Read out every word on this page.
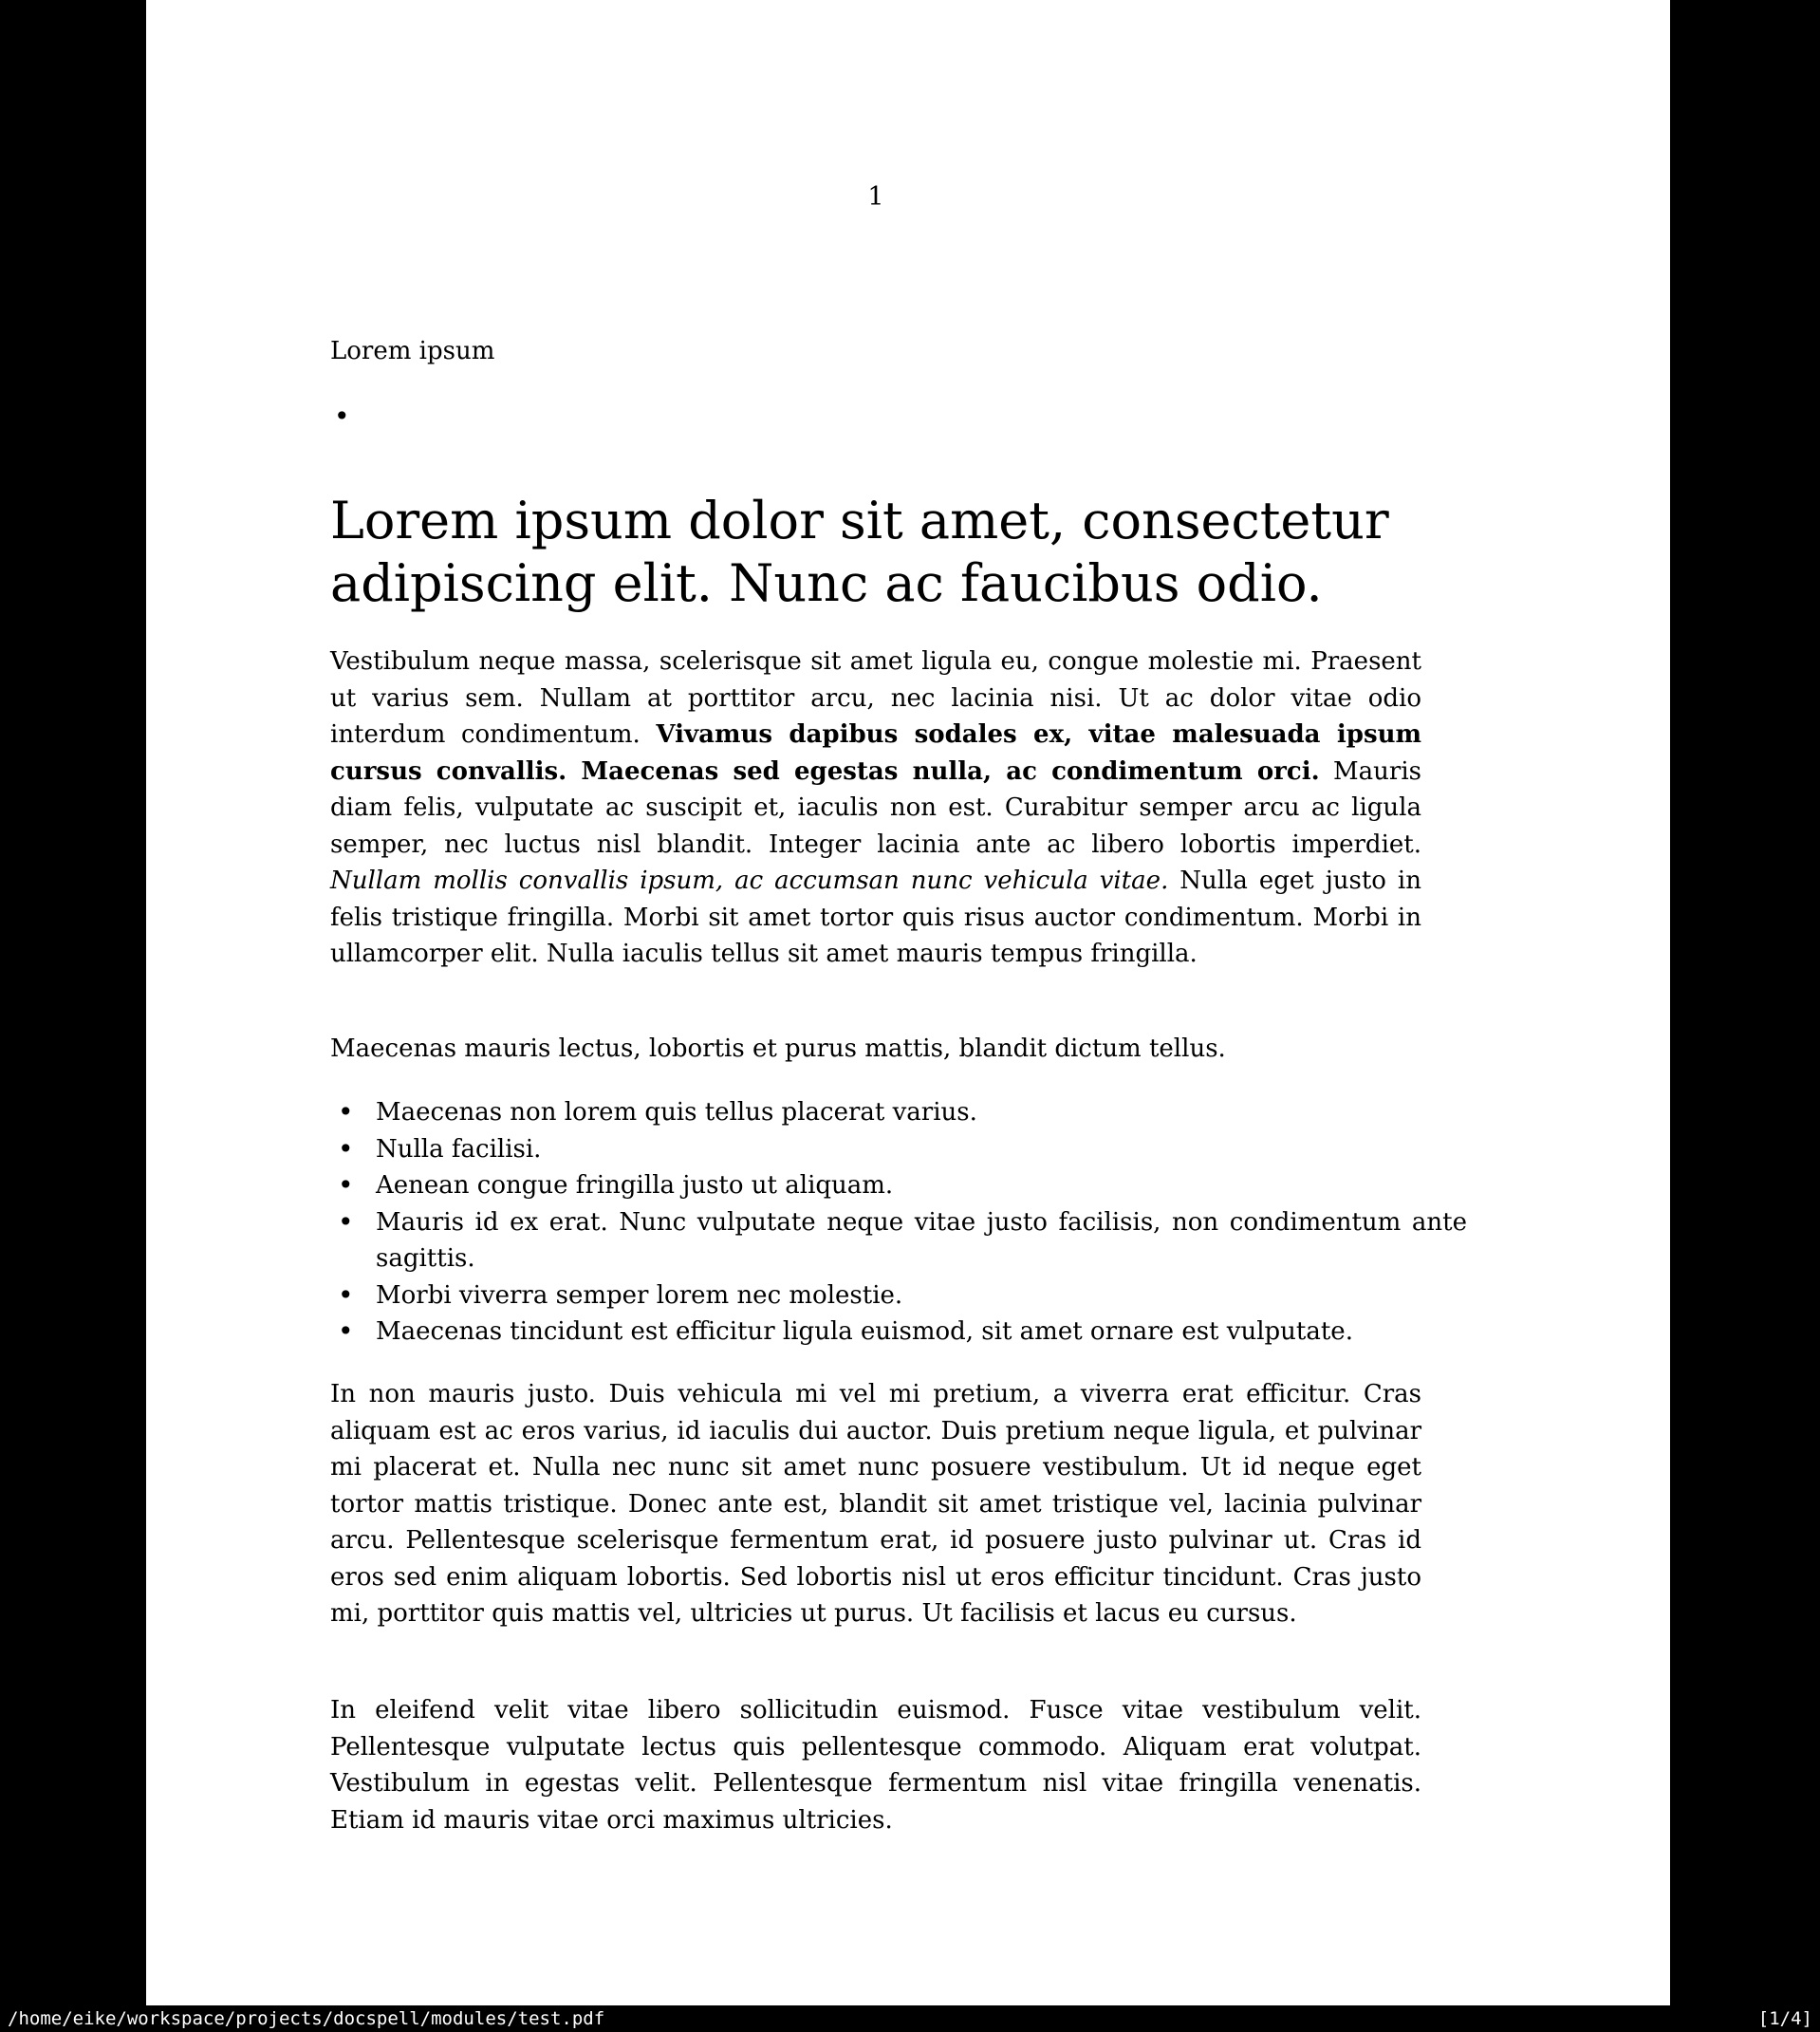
1
Lorem ipsum
•
Lorem ipsum dolor sit amet, consectetur adipiscing elit. Nunc ac faucibus odio.
Vestibulum neque massa, scelerisque sit amet ligula eu, congue molestie mi. Praesent ut varius sem. Nullam at porttitor arcu, nec lacinia nisi. Ut ac dolor vitae odio interdum condimentum. Vivamus dapibus sodales ex, vitae malesuada ipsum cursus convallis. Maecenas sed egestas nulla, ac condimentum orci. Mauris diam felis, vulputate ac suscipit et, iaculis non est. Curabitur semper arcu ac ligula semper, nec luctus nisl blandit. Integer lacinia ante ac libero lobortis imperdiet. Nullam mollis convallis ipsum, ac accumsan nunc vehicula vitae. Nulla eget justo in felis tristique fringilla. Morbi sit amet tortor quis risus auctor condimentum. Morbi in ullamcorper elit. Nulla iaculis tellus sit amet mauris tempus fringilla.
Maecenas mauris lectus, lobortis et purus mattis, blandit dictum tellus.
• Maecenas non lorem quis tellus placerat varius.
• Nulla facilisi.
• Aenean congue fringilla justo ut aliquam.
• Mauris id ex erat. Nunc vulputate neque vitae justo facilisis, non condimentum ante sagittis.
• Morbi viverra semper lorem nec molestie.
• Maecenas tincidunt est efficitur ligula euismod, sit amet ornare est vulputate.
In non mauris justo. Duis vehicula mi vel mi pretium, a viverra erat efficitur. Cras aliquam est ac eros varius, id iaculis dui auctor. Duis pretium neque ligula, et pulvinar mi placerat et. Nulla nec nunc sit amet nunc posuere vestibulum. Ut id neque eget tortor mattis tristique. Donec ante est, blandit sit amet tristique vel, lacinia pulvinar arcu. Pellentesque scelerisque fermentum erat, id posuere justo pulvinar ut. Cras id eros sed enim aliquam lobortis. Sed lobortis nisl ut eros efficitur tincidunt. Cras justo mi, porttitor quis mattis vel, ultricies ut purus. Ut facilisis et lacus eu cursus.
In eleifend velit vitae libero sollicitudin euismod. Fusce vitae vestibulum velit. Pellentesque vulputate lectus quis pellentesque commodo. Aliquam erat volutpat. Vestibulum in egestas velit. Pellentesque fermentum nisl vitae fringilla venenatis. Etiam id mauris vitae orci maximus ultricies.
/home/eike/workspace/projects/docspell/modules/test.pdf	[1/4]
